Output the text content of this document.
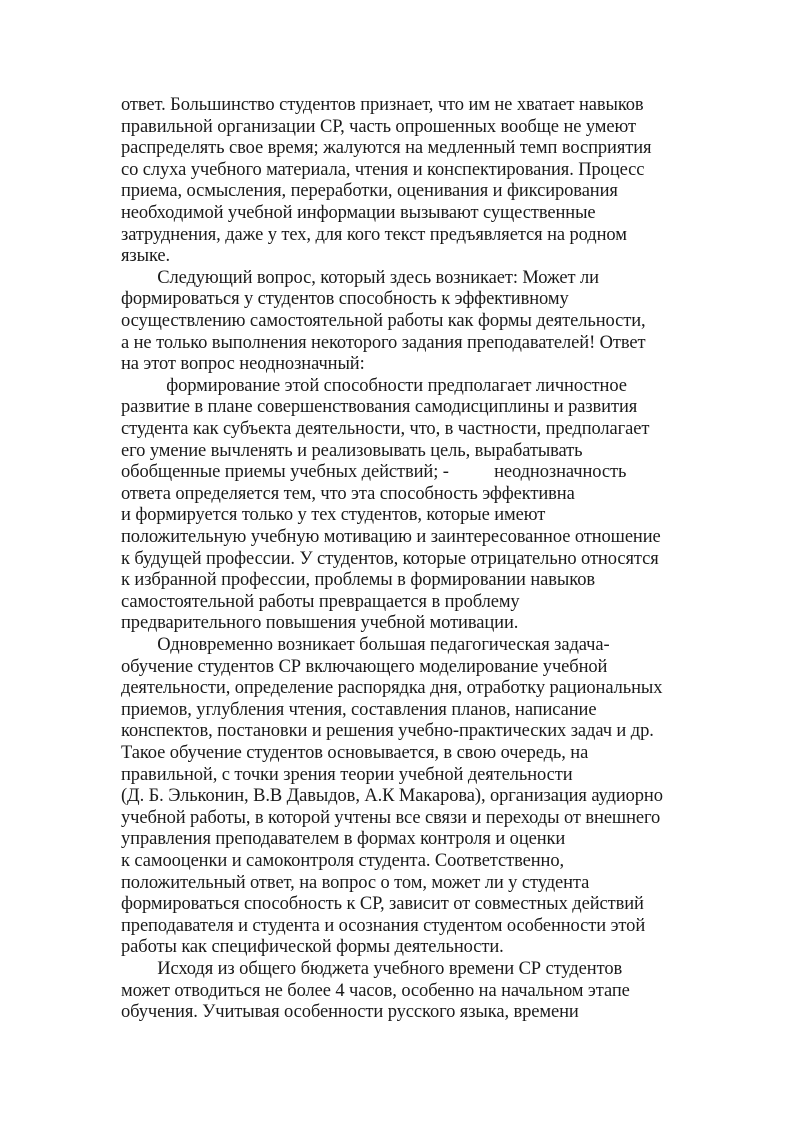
ответ. Большинство студентов признает, что им не хватает навыков
правильной организации СР, часть опрошенных вообще не умеют
распределять свое время; жалуются на медленный темп восприятия
со слуха учебного материала, чтения и конспектирования. Процесс
приема, осмысления, переработки, оценивания и фиксирования
необходимой учебной информации вызывают существенные
затруднения, даже у тех, для кого текст предъявляется на родном
языке.
Следующий вопрос, который здесь возникает: Может ли
формироваться у студентов способность к эффективному
осуществлению самостоятельной работы как формы деятельности,
а не только выполнения некоторого задания преподавателей! Ответ
на этот вопрос неоднозначный:
формирование этой способности предполагает личностное
развитие в плане совершенствования самодисциплины и развития
студента как субъекта деятельности, что, в частности, предполагает
его умение вычленять и реализовывать цель, вырабатывать
обобщенные приемы учебных действий; -          неоднозначность
ответа определяется тем, что эта способность эффективна
и формируется только у тех студентов, которые имеют
положительную учебную мотивацию и заинтересованное отношение
к будущей профессии. У студентов, которые отрицательно относятся
к избранной профессии, проблемы в формировании навыков
самостоятельной работы превращается в проблему
предварительного повышения учебной мотивации.
Одновременно возникает большая педагогическая задача-
обучение студентов СР включающего моделирование учебной
деятельности, определение распорядка дня, отработку рациональных
приемов, углубления чтения, составления планов, написание
конспектов, постановки и решения учебно-практических задач и др.
Такое обучение студентов основывается, в свою очередь, на
правильной, с точки зрения теории учебной деятельности
(Д. Б. Эльконин, В.В Давыдов, А.К Макарова), организация аудиорно
учебной работы, в которой учтены все связи и переходы от внешнего
управления преподавателем в формах контроля и оценки
к самооценки и самоконтроля студента. Соответственно,
положительный ответ, на вопрос о том, может ли у студента
формироваться способность к СР, зависит от совместных действий
преподавателя и студента и осознания студентом особенности этой
работы как специфической формы деятельности.
Исходя из общего бюджета учебного времени СР студентов
может отводиться не более 4 часов, особенно на начальном этапе
обучения. Учитывая особенности русского языка, времени
